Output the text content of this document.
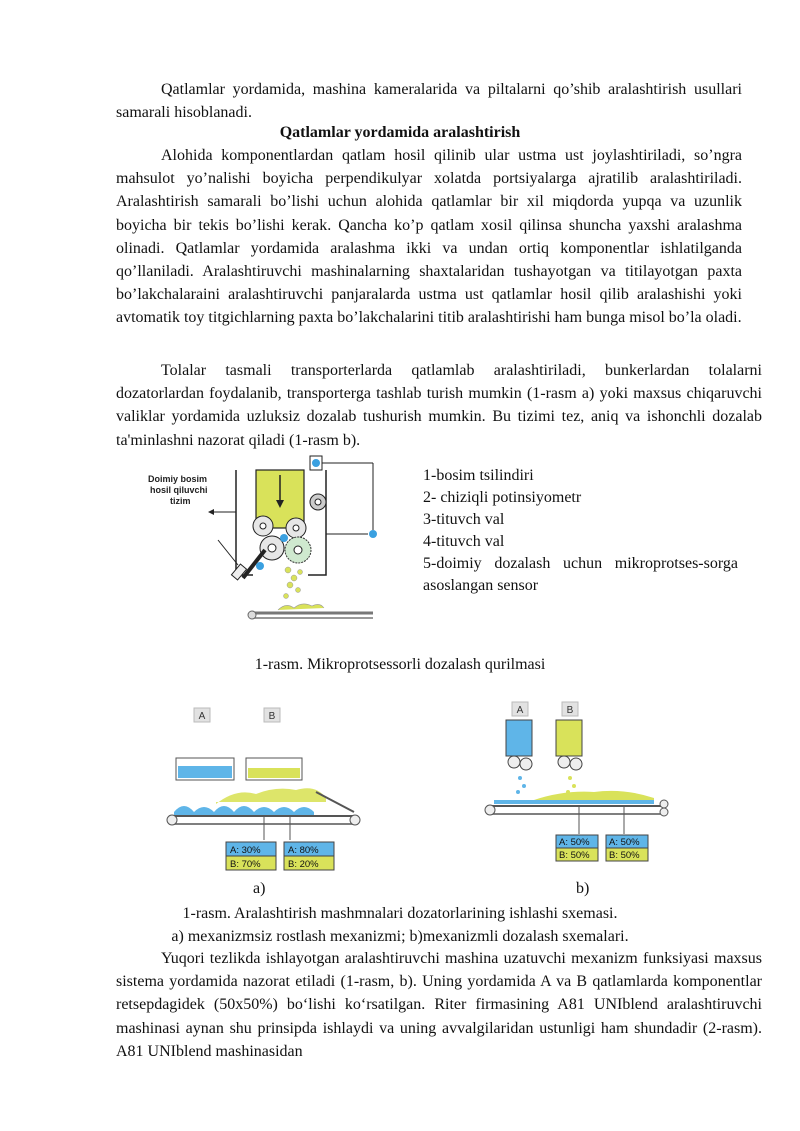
Qatlamlar yordamida, mashina kameralarida va piltalarni qo’shib aralashtirish usullari samarali hisoblanadi.

Qatlamlar yordamida aralashtirish

Alohida komponentlardan qatlam hosil qilinib ular ustma ust joylashtiriladi, so’ngra mahsulot yo’nalishi boyicha perpendikulyar xolatda portsiyalarga ajratilib aralashtiriladi. Aralashtirish samarali bo’lishi uchun alohida qatlamlar bir xil miqdorda yupqa va uzunlik boyicha bir tekis bo’lishi kerak. Qancha ko’p qatlam xosil qilinsa shuncha yaxshi aralashma olinadi. Qatlamlar yordamida aralashma ikki va undan ortiq komponentlar ishlatilganda qo’llaniladi. Aralashtiruvchi mashinalarning shaxtalaridan tushayotgan va titilayotgan paxta bo’lakchalaraini aralashtiruvchi panjaralarda ustma ust qatlamlar hosil qilib aralashishi yoki avtomatik toy titgichlarning paxta bo’lakchalarini titib aralashtirishi ham bunga misol bo’la oladi.

Tolalar tasmali transporterlarda qatlamlab aralashtiriladi, bunkerlardan tolalarni dozatorlardan foydalanib, transporterga tashlab turish mumkin (1-rasm a) yoki maxsus chiqaruvchi valiklar yordamida uzluksiz dozalab tushurish mumkin. Bu tizimi tez, aniq va ishonchli dozalab ta'minlashni nazorat qiladi (1-rasm b).

Doimiy bosim
hosil qiluvchi
tizim
1-bosim tsilindiri
2- chiziqli potinsiyometr
3-tituvch val
4-tituvch val
5-doimiy dozalash uchun mikroprotses-sorga asoslangan sensor
1-rasm. Mikroprotsessorli dozalash qurilmasi
A	B
A: 30%
B: 70%
A: 80%
B: 20%
A	B
A: 50%
B: 50%
A: 50%
B: 50%
a)	b)
1-rasm. Aralashtirish mashmnalari dozatorlarining ishlashi sxemasi.
a) mexanizmsiz rostlash mexanizmi; b)mexanizmli dozalash sxemalari.

Yuqori tezlikda ishlayotgan aralashtiruvchi mashina uzatuvchi mexanizm funksiyasi maxsus sistema yordamida nazorat etiladi (1-rasm, b). Uning yordamida A va B qatlamlarda komponentlar retsepdagidek (50x50%) bo‘lishi ko‘rsatilgan. Riter firmasining A81 UNIblend aralashtiruvchi mashinasi aynan shu prinsipda ishlaydi va uning avvalgilaridan ustunligi ham shundadir (2-rasm). A81 UNIblend mashinasidan
